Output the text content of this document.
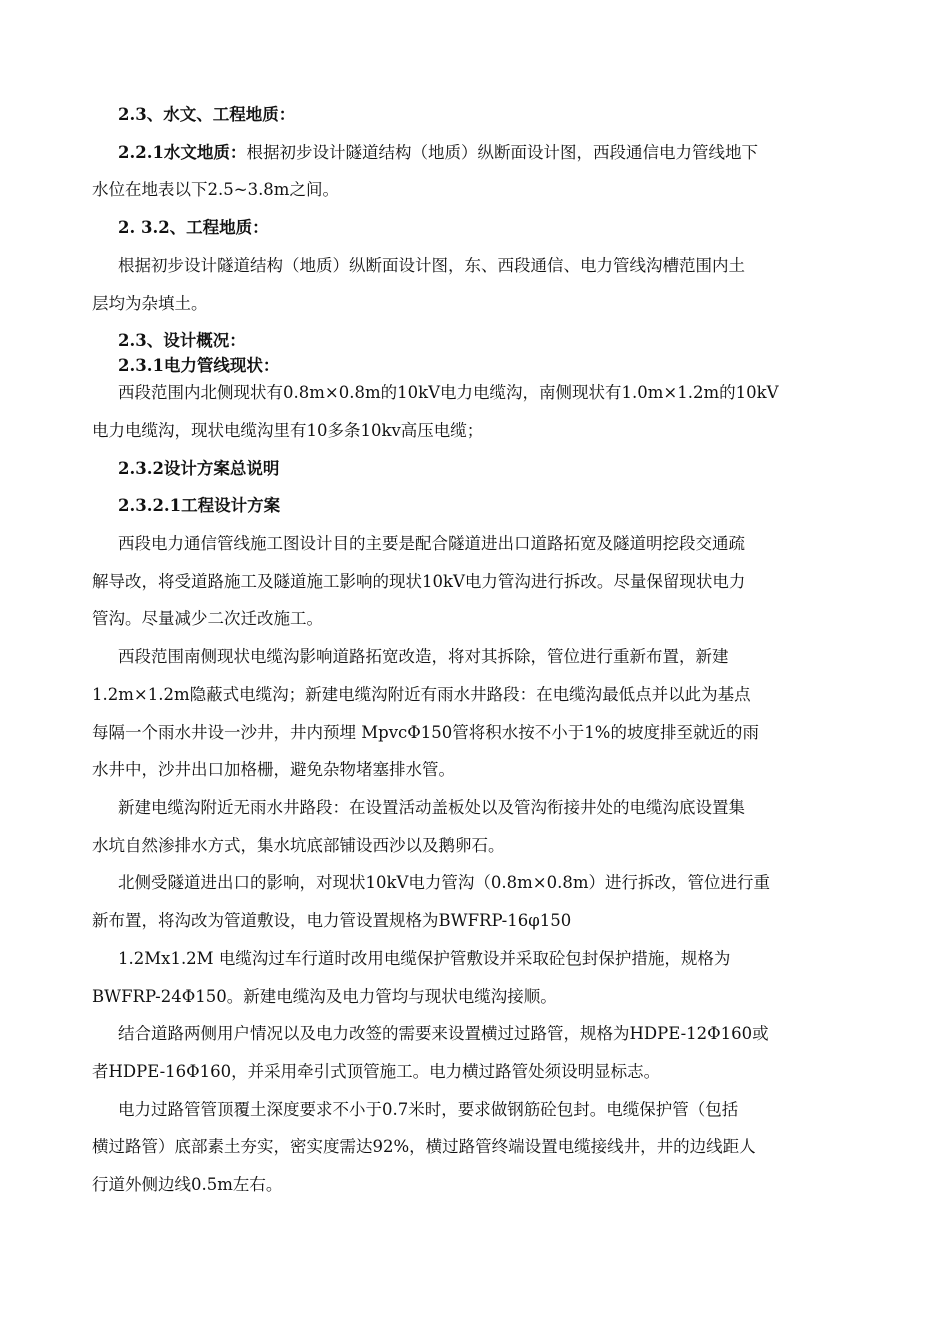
2.3、水文、工程地质：

2.2.1水文地质：根据初步设计隧道结构（地质）纵断面设计图，西段通信电力管线地下

水位在地表以下2.5~3.8m之间。

2. 3.2、工程地质：

根据初步设计隧道结构（地质）纵断面设计图，东、西段通信、电力管线沟槽范围内土

层均为杂填土。

2.3、设计概况：

2.3.1电力管线现状：

西段范围内北侧现状有0.8m×0.8m的10kV电力电缆沟，南侧现状有1.0m×1.2m的10kV

电力电缆沟，现状电缆沟里有10多条10kv高压电缆；

2.3.2设计方案总说明

2.3.2.1工程设计方案

西段电力通信管线施工图设计目的主要是配合隧道进出口道路拓宽及隧道明挖段交通疏

解导改，将受道路施工及隧道施工影响的现状10kV电力管沟进行拆改。尽量保留现状电力

管沟。尽量减少二次迁改施工。

西段范围南侧现状电缆沟影响道路拓宽改造，将对其拆除，管位进行重新布置，新建

1.2m×1.2m隐蔽式电缆沟；新建电缆沟附近有雨水井路段：在电缆沟最低点并以此为基点

每隔一个雨水井设一沙井，井内预埋 MpvcΦ150管将积水按不小于1%的坡度排至就近的雨

水井中，沙井出口加格栅，避免杂物堵塞排水管。

新建电缆沟附近无雨水井路段：在设置活动盖板处以及管沟衔接井处的电缆沟底设置集

水坑自然渗排水方式，集水坑底部铺设西沙以及鹅卵石。

北侧受隧道进出口的影响，对现状10kV电力管沟（0.8m×0.8m）进行拆改，管位进行重

新布置，将沟改为管道敷设，电力管设置规格为BWFRP-16φ150

1.2Mx1.2M 电缆沟过车行道时改用电缆保护管敷设并采取砼包封保护措施，规格为

BWFRP-24Φ150。新建电缆沟及电力管均与现状电缆沟接顺。

结合道路两侧用户情况以及电力改签的需要来设置横过过路管，规格为HDPE-12Φ160或

者HDPE-16Φ160，并采用牵引式顶管施工。电力横过路管处须设明显标志。

电力过路管管顶覆土深度要求不小于0.7米时，要求做钢筋砼包封。电缆保护管（包括

横过路管）底部素土夯实，密实度需达92%，横过路管终端设置电缆接线井，井的边线距人

行道外侧边线0.5m左右。
